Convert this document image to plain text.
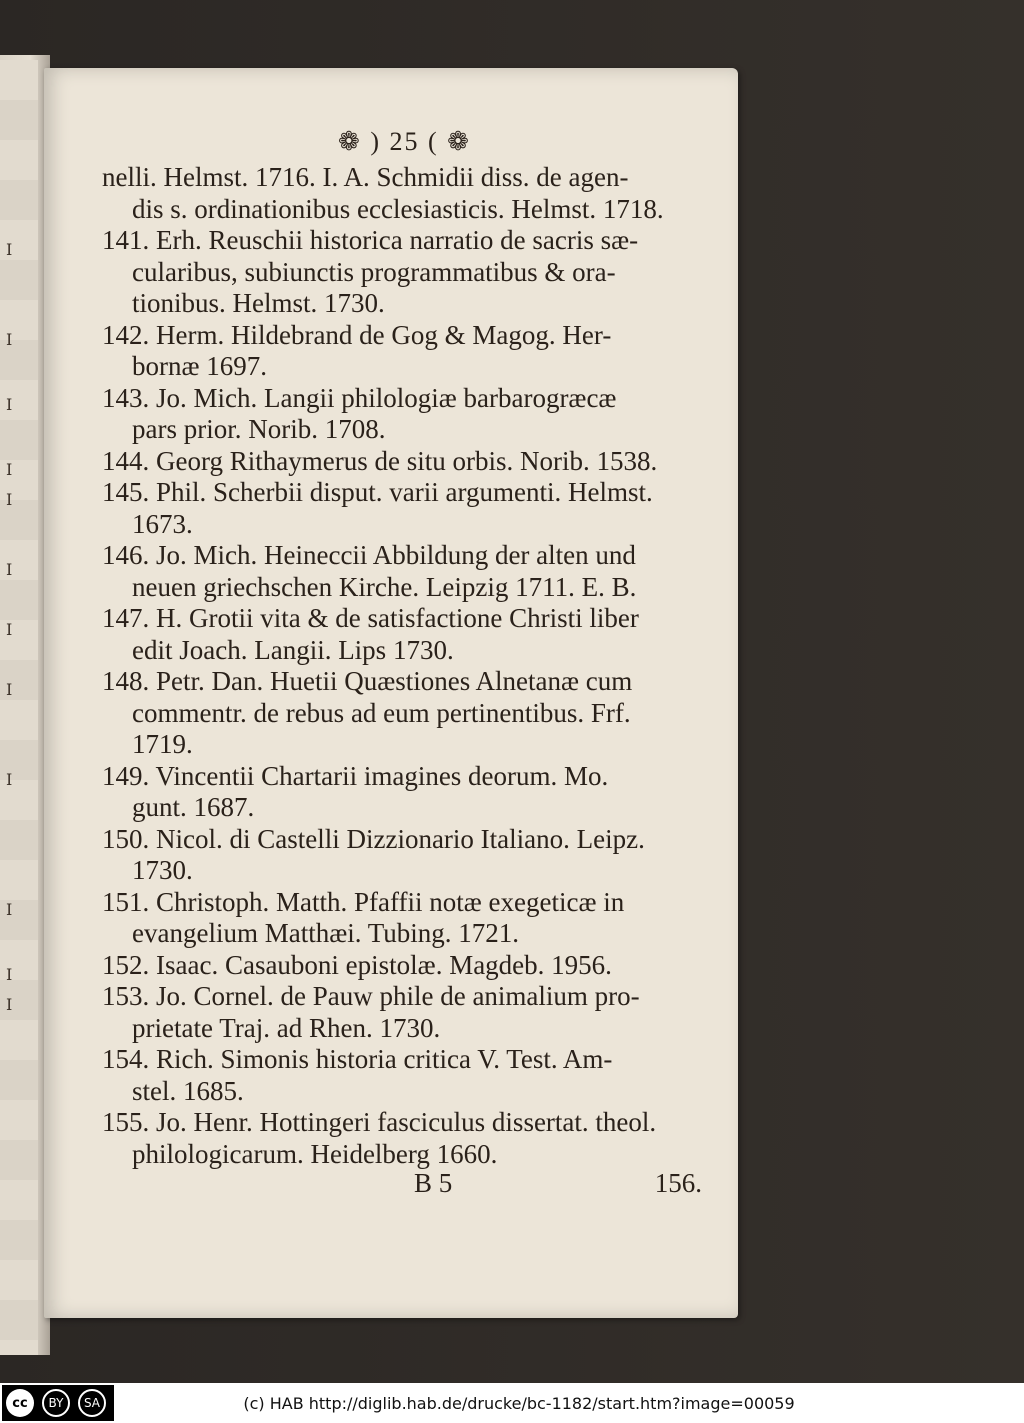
I
I
I
I
I
I
I
I
I
I
I
I
❁ ) 25 ( ❁
nelli. Helmst. 1716. I. A. Schmidii diss. de agen-
dis s. ordinationibus ecclesiasticis. Helmst. 1718.
141. Erh. Reuschii historica narratio de sacris sæ-
cularibus, subiunctis programmatibus & ora-
tionibus. Helmst. 1730.
142. Herm. Hildebrand de Gog & Magog. Her-
bornæ 1697.
143. Jo. Mich. Langii philologiæ barbarogræcæ
pars prior. Norib. 1708.
144. Georg Rithaymerus de situ orbis. Norib. 1538.
145. Phil. Scherbii disput. varii argumenti. Helmst.
1673.
146. Jo. Mich. Heineccii Abbildung der alten und
neuen griechschen Kirche. Leipzig 1711. E. B.
147. H. Grotii vita & de satisfactione Christi liber
edit Joach. Langii. Lips 1730.
148. Petr. Dan. Huetii Quæstiones Alnetanæ cum
commentr. de rebus ad eum pertinentibus. Frf.
1719.
149. Vincentii Chartarii imagines deorum. Mo.
gunt. 1687.
150. Nicol. di Castelli Dizzionario Italiano. Leipz.
1730.
151. Christoph. Matth. Pfaffii notæ exegeticæ in
evangelium Matthæi. Tubing. 1721.
152. Isaac. Casauboni epistolæ. Magdeb. 1956.
153. Jo. Cornel. de Pauw phile de animalium pro-
prietate Traj. ad Rhen. 1730.
154. Rich. Simonis historia critica V. Test. Am-
stel. 1685.
155. Jo. Henr. Hottingeri fasciculus dissertat. theol.
philologicarum. Heidelberg 1660.
B 5	156.
cc	BY	SA	(c) HAB http://diglib.hab.de/drucke/bc-1182/start.htm?image=00059
